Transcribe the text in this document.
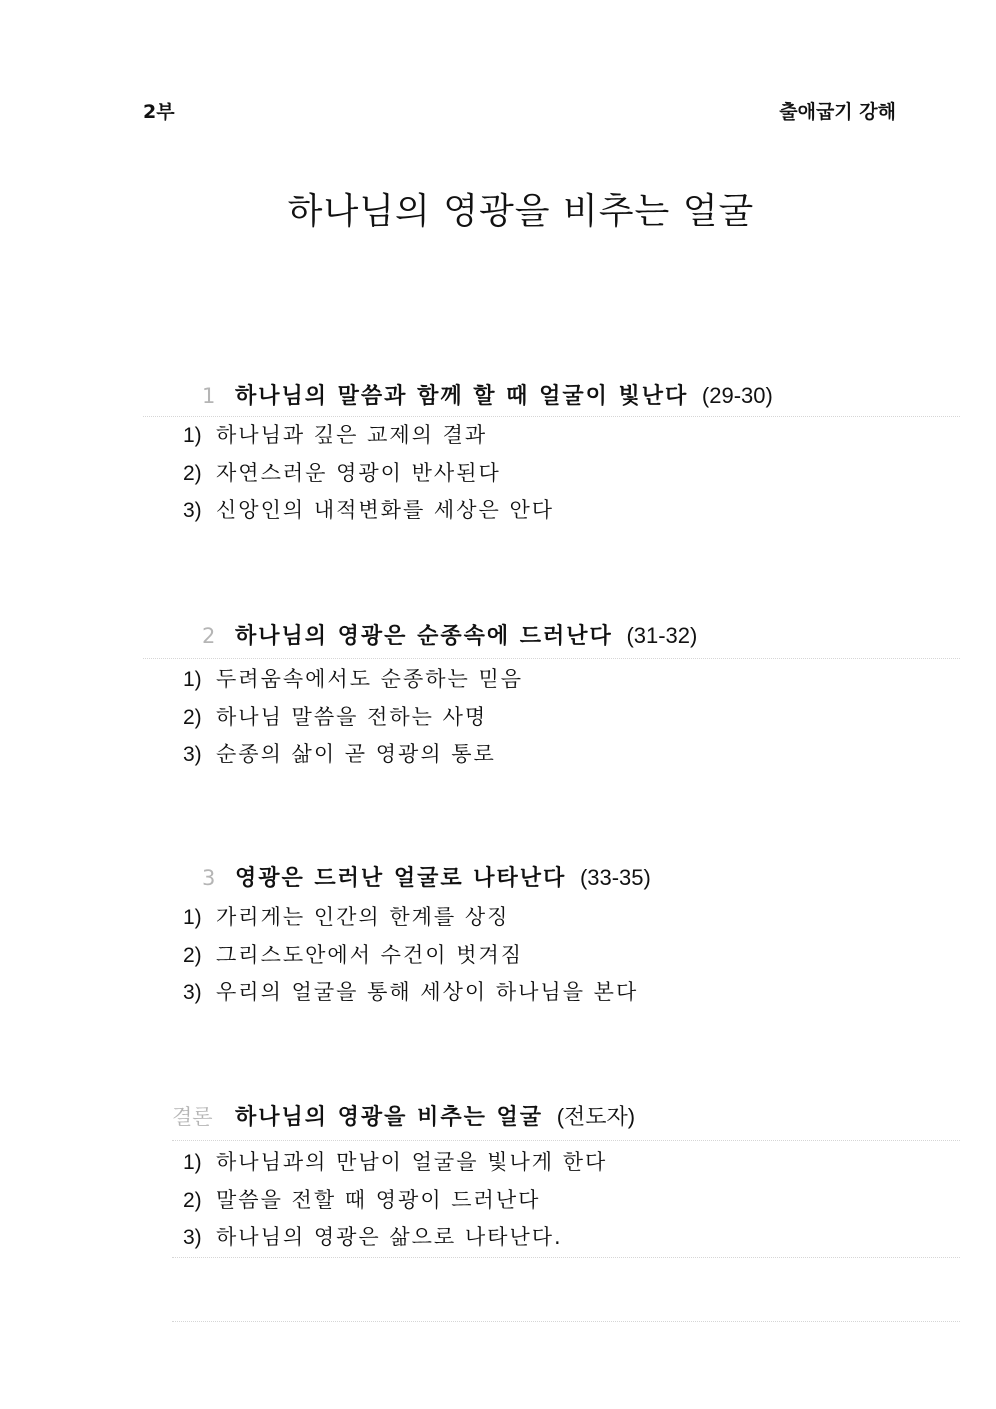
2부	출애굽기 강해
하나님의 영광을 비추는 얼굴
1 하나님의 말씀과 함께 할 때 얼굴이 빛난다 (29-30)
1) 하나님과 깊은 교제의 결과
2) 자연스러운 영광이 반사된다
3) 신앙인의 내적변화를 세상은 안다
2 하나님의 영광은 순종속에 드러난다 (31-32)
1) 두려움속에서도 순종하는 믿음
2) 하나님 말씀을 전하는 사명
3) 순종의 삶이 곧 영광의 통로
3 영광은 드러난 얼굴로 나타난다 (33-35)
1) 가리게는 인간의 한계를 상징
2) 그리스도안에서 수건이 벗겨짐
3) 우리의 얼굴을 통해 세상이 하나님을 본다
결론 하나님의 영광을 비추는 얼굴 (전도자)
1) 하나님과의 만남이 얼굴을 빛나게 한다
2) 말씀을 전할 때 영광이 드러난다
3) 하나님의 영광은 삶으로 나타난다.
